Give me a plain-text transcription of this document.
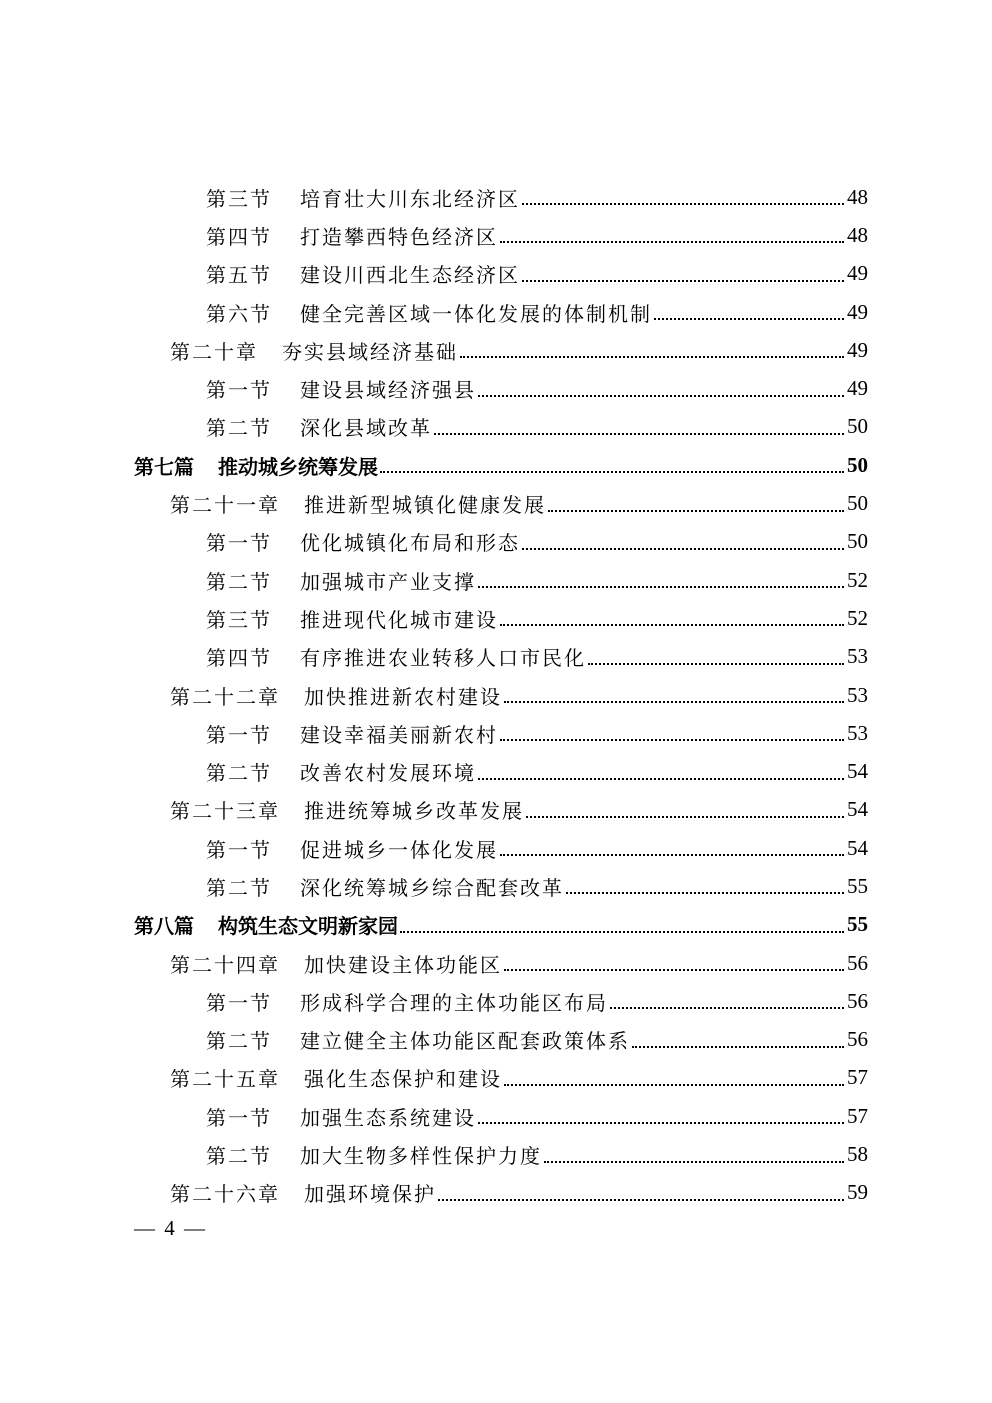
第三节 培育壮大川东北经济区	48
第四节 打造攀西特色经济区	48
第五节 建设川西北生态经济区	49
第六节 健全完善区域一体化发展的体制机制	49
第二十章 夯实县域经济基础	49
第一节 建设县域经济强县	49
第二节 深化县域改革	50
第七篇 推动城乡统筹发展	50
第二十一章 推进新型城镇化健康发展	50
第一节 优化城镇化布局和形态	50
第二节 加强城市产业支撑	52
第三节 推进现代化城市建设	52
第四节 有序推进农业转移人口市民化	53
第二十二章 加快推进新农村建设	53
第一节 建设幸福美丽新农村	53
第二节 改善农村发展环境	54
第二十三章 推进统筹城乡改革发展	54
第一节 促进城乡一体化发展	54
第二节 深化统筹城乡综合配套改革	55
第八篇 构筑生态文明新家园	55
第二十四章 加快建设主体功能区	56
第一节 形成科学合理的主体功能区布局	56
第二节 建立健全主体功能区配套政策体系	56
第二十五章 强化生态保护和建设	57
第一节 加强生态系统建设	57
第二节 加大生物多样性保护力度	58
第二十六章 加强环境保护	59
— 4 —
